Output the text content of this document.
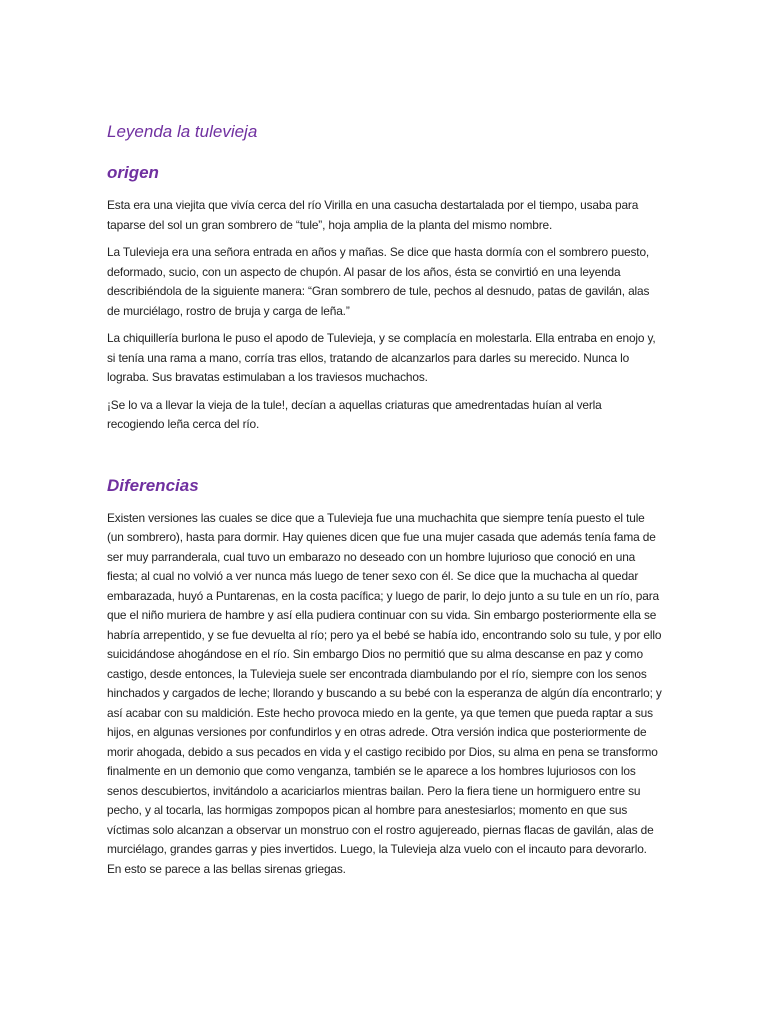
Leyenda la tulevieja
origen

Esta era una viejita que vivía cerca del río Virilla en una casucha destartalada por el tiempo, usaba para taparse del sol un gran sombrero de “tule”, hoja amplia de la planta del mismo nombre.

La Tulevieja era una señora entrada en años y mañas. Se dice que hasta dormía con el sombrero puesto, deformado, sucio, con un aspecto de chupón. Al pasar de los años, ésta se convirtió en una leyenda describiéndola de la siguiente manera: “Gran sombrero de tule, pechos al desnudo, patas de gavilán, alas de murciélago, rostro de bruja y carga de leña.”

La chiquillería burlona le puso el apodo de Tulevieja, y se complacía en molestarla. Ella entraba en enojo y, si tenía una rama a mano, corría tras ellos, tratando de alcanzarlos para darles su merecido. Nunca lo lograba. Sus bravatas estimulaban a los traviesos muchachos.

¡Se lo va a llevar la vieja de la tule!, decían a aquellas criaturas que amedrentadas huían al verla recogiendo leña cerca del río.

Diferencias

Existen versiones las cuales se dice que a Tulevieja fue una muchachita que siempre tenía puesto el tule (un sombrero), hasta para dormir. Hay quienes dicen que fue una mujer casada que además tenía fama de ser muy parranderala, cual tuvo un embarazo no deseado con un hombre lujurioso que conoció en una fiesta; al cual no volvió a ver nunca más luego de tener sexo con él. Se dice que la muchacha al quedar embarazada, huyó a Puntarenas, en la costa pacífica; y luego de parir, lo dejo junto a su tule en un río, para que el niño muriera de hambre y así ella pudiera continuar con su vida. Sin embargo posteriormente ella se habría arrepentido, y se fue devuelta al río; pero ya el bebé se había ido, encontrando solo su tule, y por ello suicidándose ahogándose en el río. Sin embargo Dios no permitió que su alma descanse en paz y como castigo, desde entonces, la Tulevieja suele ser encontrada diambulando por el río, siempre con los senos hinchados y cargados de leche; llorando y buscando a su bebé con la esperanza de algún día encontrarlo; y así acabar con su maldición. Este hecho provoca miedo en la gente, ya que temen que pueda raptar a sus hijos, en algunas versiones por confundirlos y en otras adrede. Otra versión indica que posteriormente de morir ahogada, debido a sus pecados en vida y el castigo recibido por Dios, su alma en pena se transformo finalmente en un demonio que como venganza, también se le aparece a los hombres lujuriosos con los senos descubiertos, invitándolo a acariciarlos mientras bailan. Pero la fiera tiene un hormiguero entre su pecho, y al tocarla, las hormigas zompopos pican al hombre para anestesiarlos; momento en que sus víctimas solo alcanzan a observar un monstruo con el rostro agujereado, piernas flacas de gavilán, alas de murciélago, grandes garras y pies invertidos. Luego, la Tulevieja alza vuelo con el incauto para devorarlo. En esto se parece a las bellas sirenas griegas.
